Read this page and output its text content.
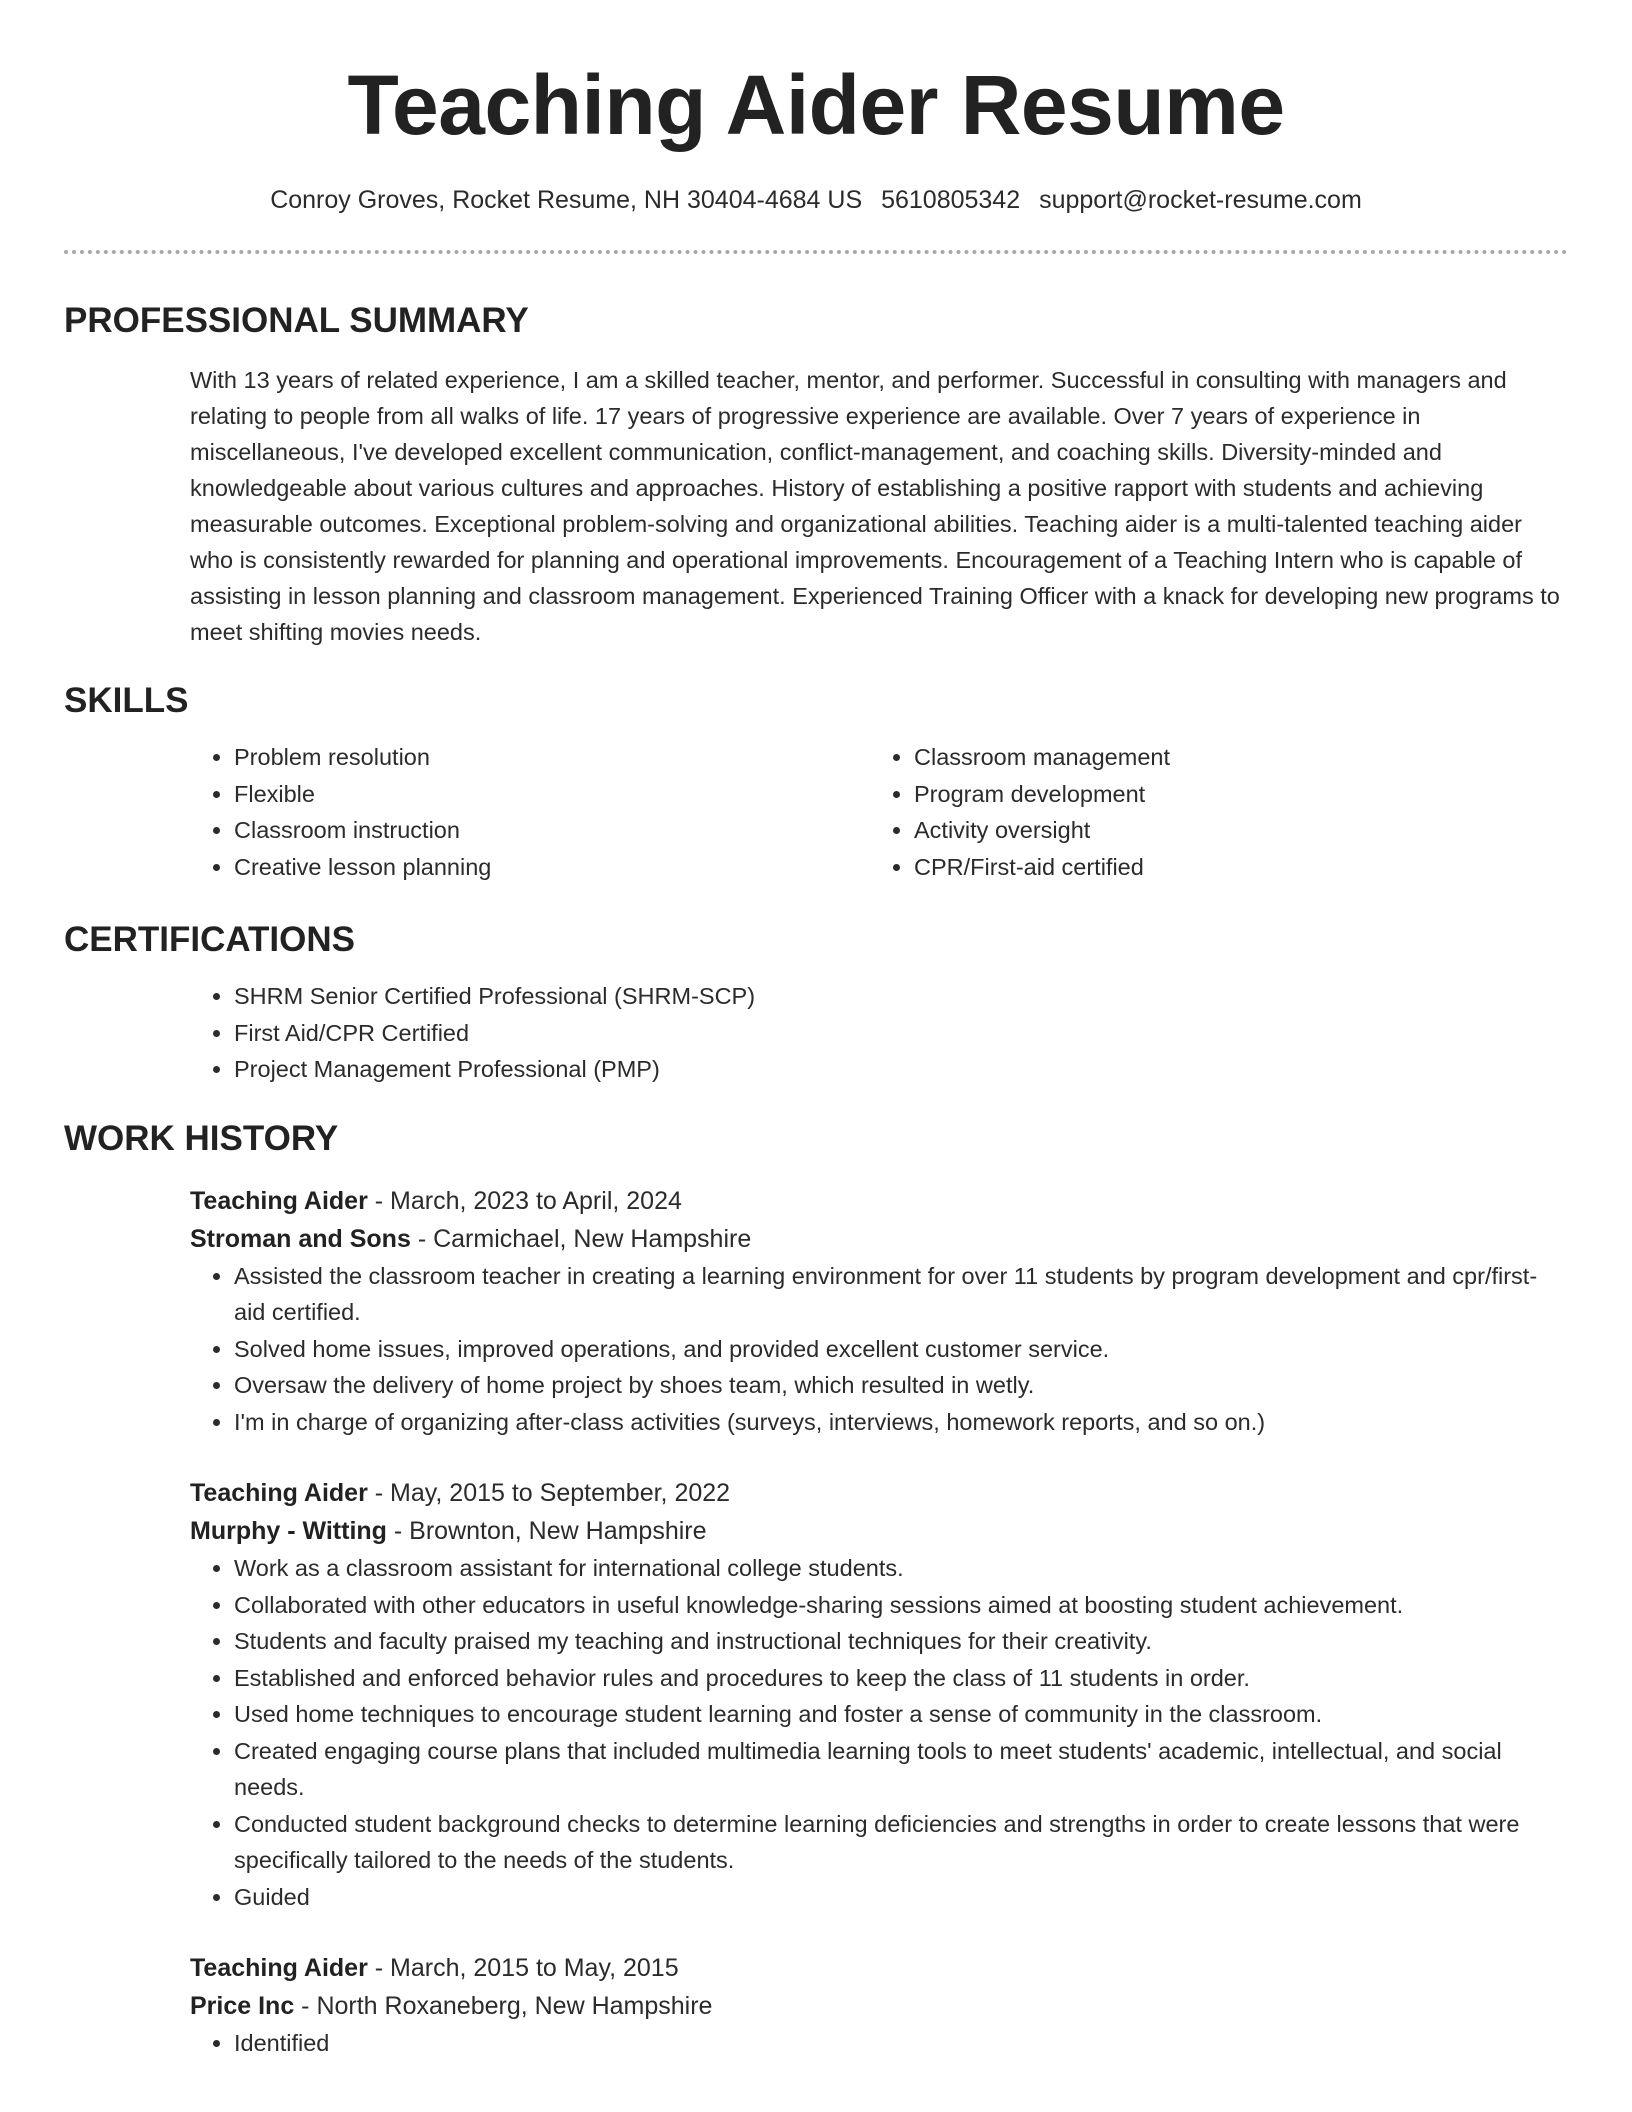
Teaching Aider Resume
Conroy Groves, Rocket Resume, NH 30404-4684 US 5610805342 support@rocket-resume.com
PROFESSIONAL SUMMARY

With 13 years of related experience, I am a skilled teacher, mentor, and performer. Successful in consulting with managers and relating to people from all walks of life. 17 years of progressive experience are available. Over 7 years of experience in miscellaneous, I've developed excellent communication, conflict-management, and coaching skills. Diversity-minded and knowledgeable about various cultures and approaches. History of establishing a positive rapport with students and achieving measurable outcomes. Exceptional problem-solving and organizational abilities. Teaching aider is a multi-talented teaching aider who is consistently rewarded for planning and operational improvements. Encouragement of a Teaching Intern who is capable of assisting in lesson planning and classroom management. Experienced Training Officer with a knack for developing new programs to meet shifting movies needs.

SKILLS
• Problem resolution
• Flexible
• Classroom instruction
• Creative lesson planning
• Classroom management
• Program development
• Activity oversight
• CPR/First-aid certified
CERTIFICATIONS
• SHRM Senior Certified Professional (SHRM-SCP)
• First Aid/CPR Certified
• Project Management Professional (PMP)
WORK HISTORY
Teaching Aider - March, 2023 to April, 2024
Stroman and Sons - Carmichael, New Hampshire
• Assisted the classroom teacher in creating a learning environment for over 11 students by program development and cpr/first-aid certified.
• Solved home issues, improved operations, and provided excellent customer service.
• Oversaw the delivery of home project by shoes team, which resulted in wetly.
• I'm in charge of organizing after-class activities (surveys, interviews, homework reports, and so on.)
Teaching Aider - May, 2015 to September, 2022
Murphy - Witting - Brownton, New Hampshire
• Work as a classroom assistant for international college students.
• Collaborated with other educators in useful knowledge-sharing sessions aimed at boosting student achievement.
• Students and faculty praised my teaching and instructional techniques for their creativity.
• Established and enforced behavior rules and procedures to keep the class of 11 students in order.
• Used home techniques to encourage student learning and foster a sense of community in the classroom.
• Created engaging course plans that included multimedia learning tools to meet students' academic, intellectual, and social needs.
• Conducted student background checks to determine learning deficiencies and strengths in order to create lessons that were specifically tailored to the needs of the students.
• Guided
Teaching Aider - March, 2015 to May, 2015
Price Inc - North Roxaneberg, New Hampshire
• Identified
